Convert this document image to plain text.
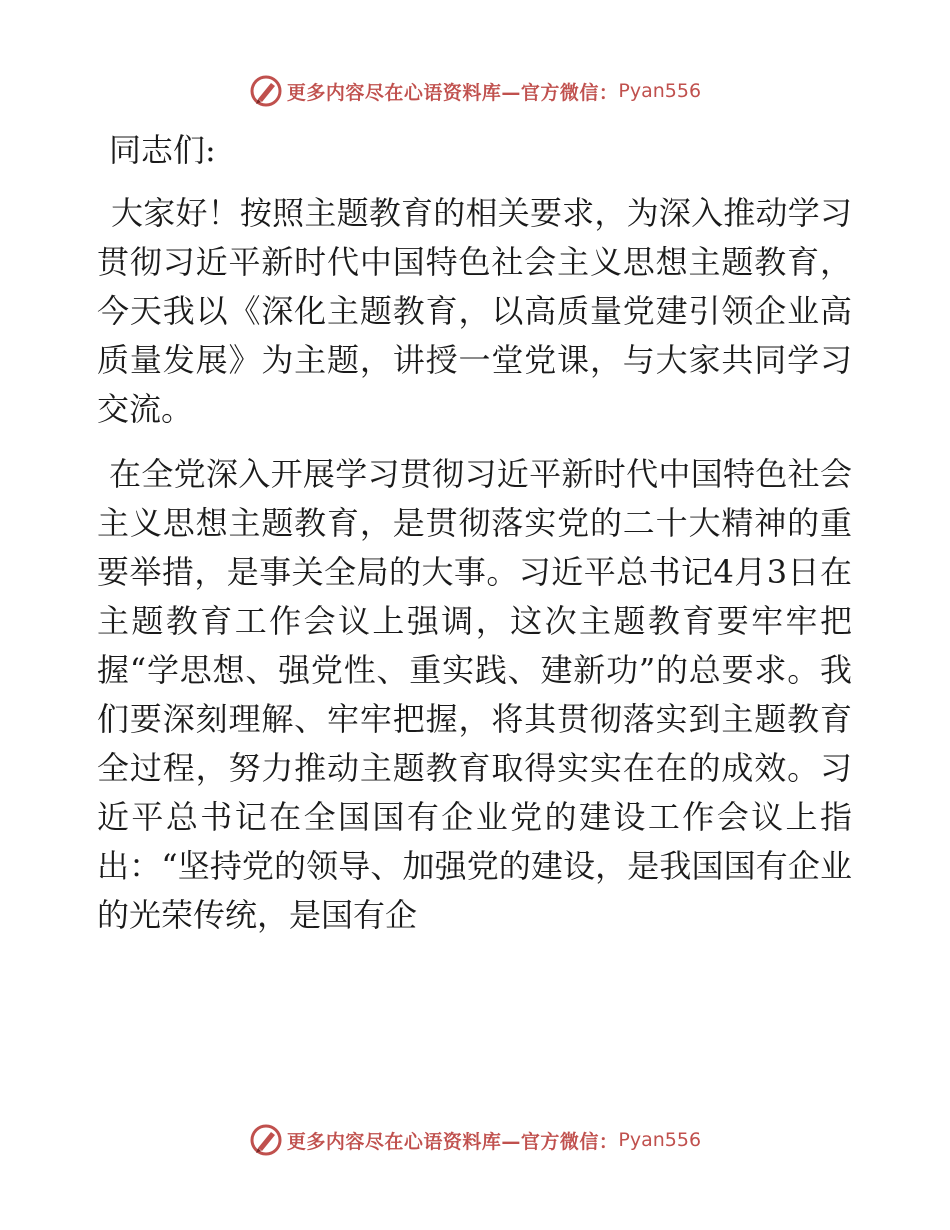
更多内容尽在心语资料库—官方微信： Pyan556

同志们:

大家好！按照主题教育的相关要求，为深入推动学习贯彻习近平新时代中国特色社会主义思想主题教育，今天我以《深化主题教育，以高质量党建引领企业高质量发展》为主题，讲授一堂党课，与大家共同学习交流。

在全党深入开展学习贯彻习近平新时代中国特色社会主义思想主题教育，是贯彻落实党的二十大精神的重要举措，是事关全局的大事。习近平总书记4月3日在主题教育工作会议上强调，这次主题教育要牢牢把握“学思想、强党性、重实践、建新功”的总要求。我们要深刻理解、牢牢把握，将其贯彻落实到主题教育全过程，努力推动主题教育取得实实在在的成效。习近平总书记在全国国有企业党的建设工作会议上指出：“坚持党的领导、加强党的建设，是我国国有企业的光荣传统，是国有企

更多内容尽在心语资料库—官方微信： Pyan556
